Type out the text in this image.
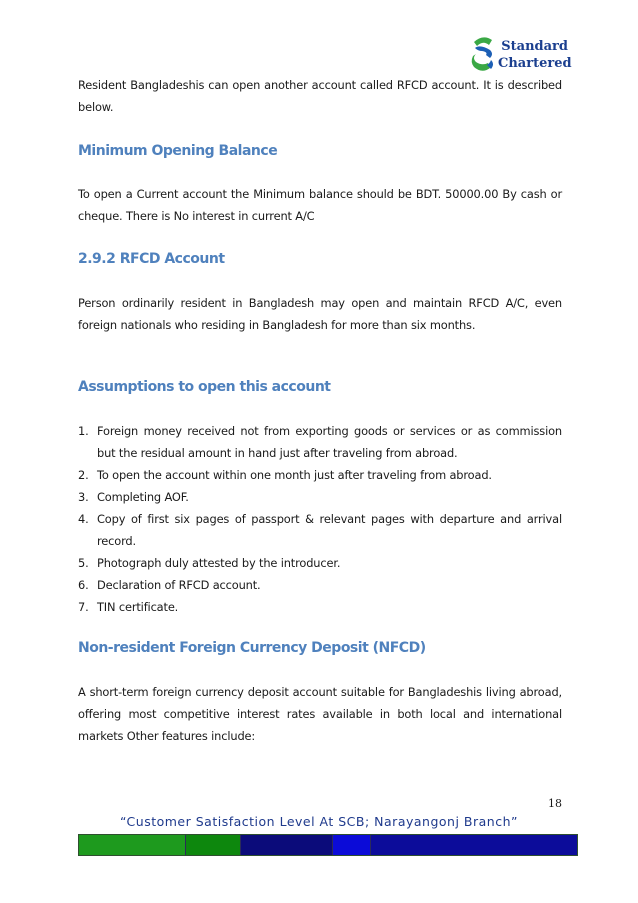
Standard
Chartered

Resident Bangladeshis can open another account called RFCD account. It is described below.

Minimum Opening Balance

To open a Current account the Minimum balance should be BDT. 50000.00 By cash or cheque. There is No interest in current A/C

2.9.2 RFCD Account

Person ordinarily resident in Bangladesh may open and maintain RFCD A/C, even foreign nationals who residing in Bangladesh for more than six months.

Assumptions to open this account
1. Foreign money received not from exporting goods or services or as commission but the residual amount in hand just after traveling from abroad.
2. To open the account within one month just after traveling from abroad.
3. Completing AOF.
4. Copy of first six pages of passport & relevant pages with departure and arrival record.
5. Photograph duly attested by the introducer.
6. Declaration of RFCD account.
7. TIN certificate.
Non-resident Foreign Currency Deposit (NFCD)

A short-term foreign currency deposit account suitable for Bangladeshis living abroad, offering most competitive interest rates available in both local and international markets Other features include:

18
“Customer Satisfaction Level At SCB; Narayangonj Branch”
